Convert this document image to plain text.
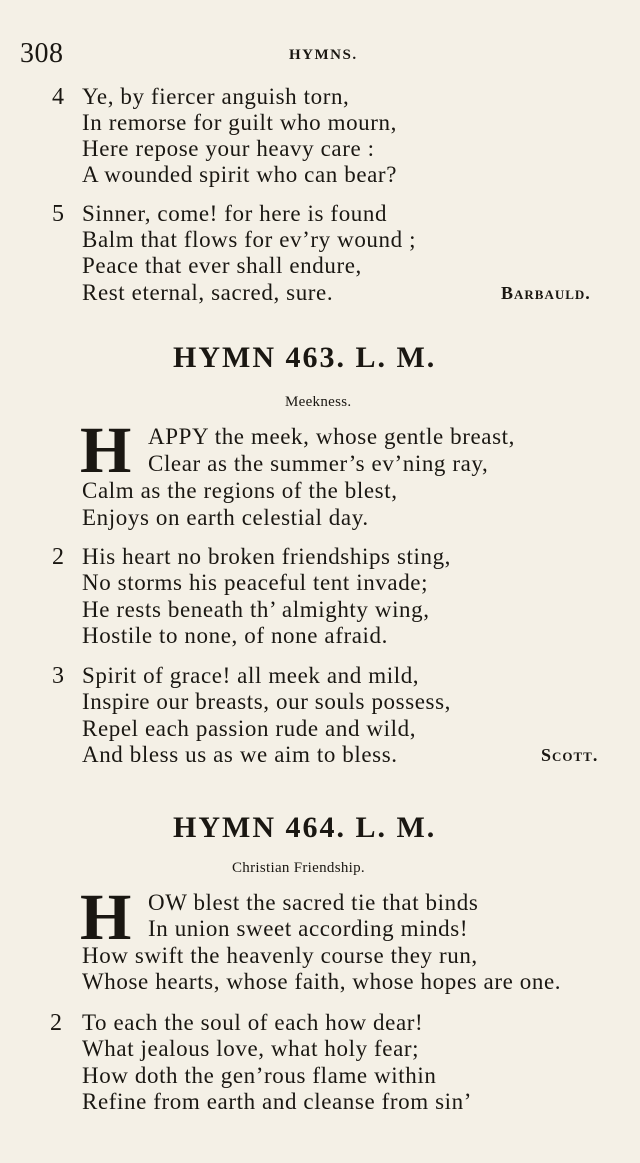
308	HYMNS.
4 Ye, by fiercer anguish torn,
In remorse for guilt who mourn,
Here repose your heavy care :
A wounded spirit who can bear?
5 Sinner, come! for here is found
Balm that flows for ev’ry wound ;
Peace that ever shall endure,
Rest eternal, sacred, sure.	Barbauld.
HYMN 463. L. M.
Meekness.
H APPY the meek, whose gentle breast,
Clear as the summer’s ev’ning ray,
Calm as the regions of the blest,
Enjoys on earth celestial day.
2 His heart no broken friendships sting,
No storms his peaceful tent invade;
He rests beneath th’ almighty wing,
Hostile to none, of none afraid.
3 Spirit of grace! all meek and mild,
Inspire our breasts, our souls possess,
Repel each passion rude and wild,
And bless us as we aim to bless.	Scott.
HYMN 464. L. M.
Christian Friendship.
H OW blest the sacred tie that binds
In union sweet according minds!
How swift the heavenly course they run,
Whose hearts, whose faith, whose hopes are one.
2 To each the soul of each how dear!
What jealous love, what holy fear;
How doth the gen’rous flame within
Refine from earth and cleanse from sin’
